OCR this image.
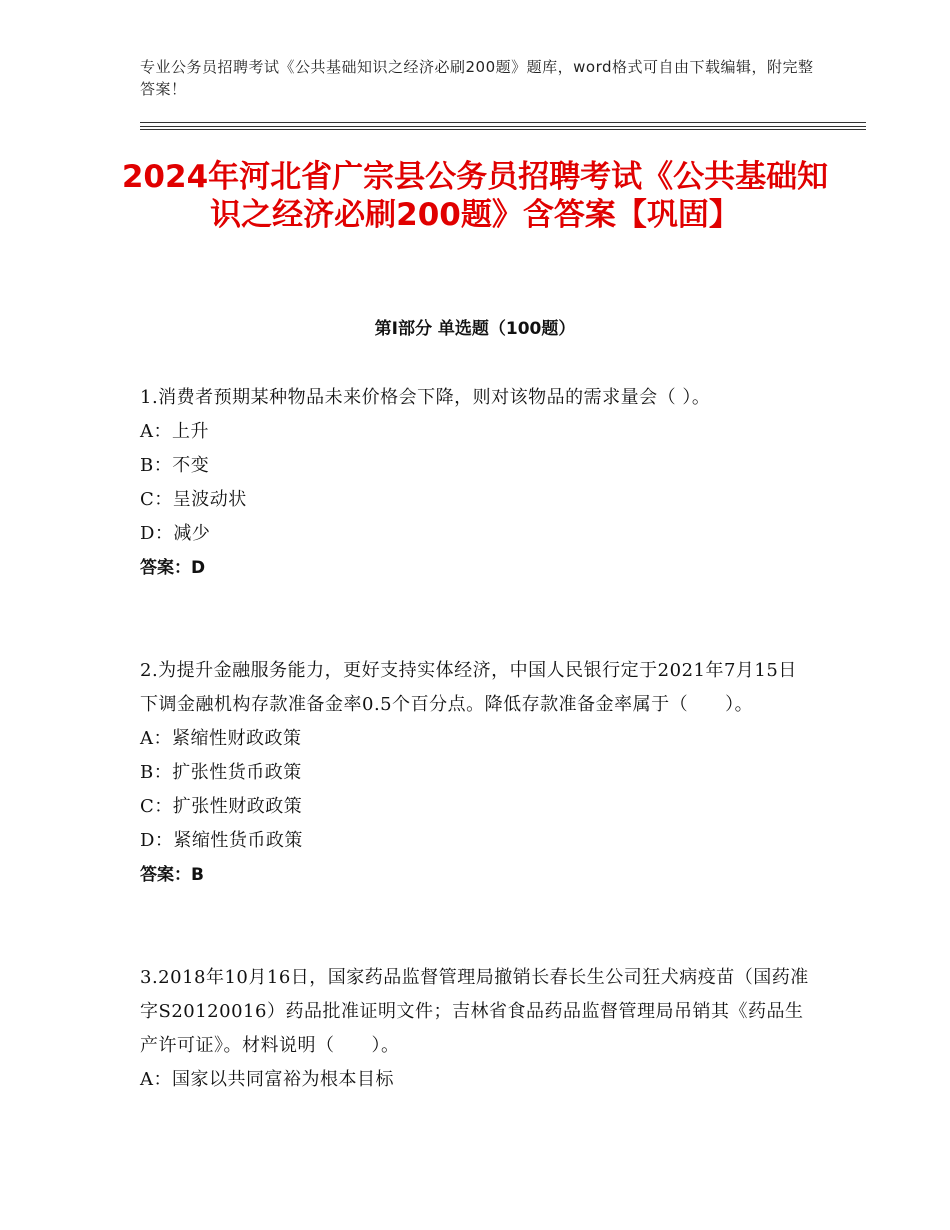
专业公务员招聘考试《公共基础知识之经济必刷200题》题库，word格式可自由下载编辑，附完整答案！
2024年河北省广宗县公务员招聘考试《公共基础知识之经济必刷200题》含答案【巩固】
第Ⅰ部分 单选题（100题）

1.消费者预期某种物品未来价格会下降，则对该物品的需求量会（ ）。

A：上升

B：不变

C：呈波动状

D：减少

答案：D

2.为提升金融服务能力，更好支持实体经济，中国人民银行定于2021年7月15日下调金融机构存款准备金率0.5个百分点。降低存款准备金率属于（　　）。

A：紧缩性财政政策

B：扩张性货币政策

C：扩张性财政政策

D：紧缩性货币政策

答案：B

3.2018年10月16日，国家药品监督管理局撤销长春长生公司狂犬病疫苗（国药准字S20120016）药品批准证明文件；吉林省食品药品监督管理局吊销其《药品生产许可证》。材料说明（　　）。

A：国家以共同富裕为根本目标
